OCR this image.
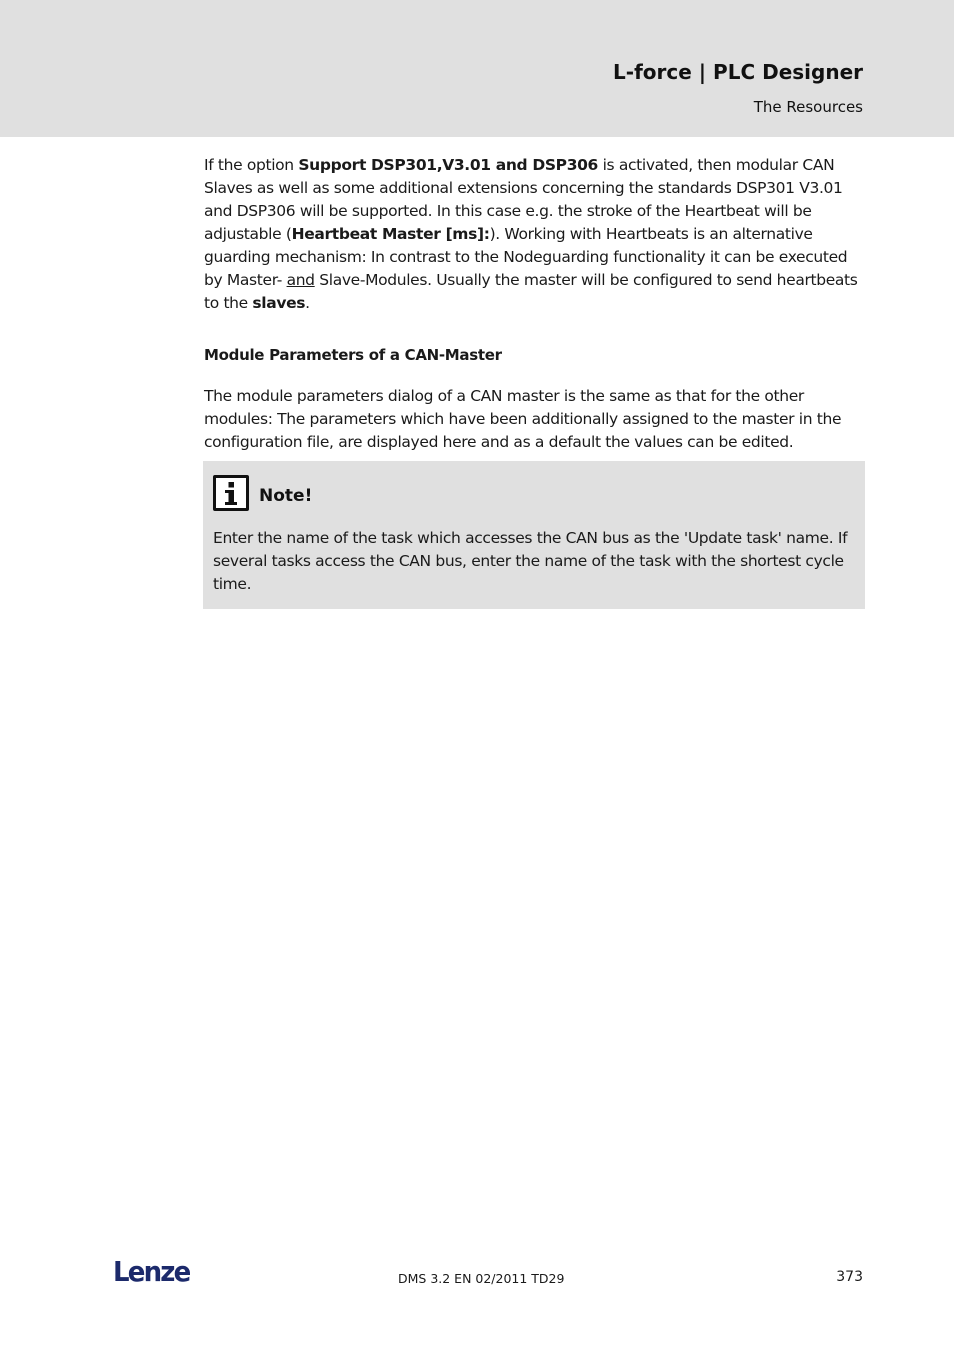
L-force | PLC Designer
The Resources

If the option Support DSP301,V3.01 and DSP306 is activated, then modular CAN Slaves as well as some additional extensions concerning the standards DSP301 V3.01 and DSP306 will be supported. In this case e.g. the stroke of the Heartbeat will be adjustable (Heartbeat Master [ms]:). Working with Heartbeats is an alternative guarding mechanism: In contrast to the Nodeguarding functionality it can be executed by Master- and Slave-Modules. Usually the master will be configured to send heartbeats to the slaves.

Module Parameters of a CAN-Master

The module parameters dialog of a CAN master is the same as that for the other modules: The parameters which have been additionally assigned to the master in the configuration file, are displayed here and as a default the values can be edited.

Note!

Enter the name of the task which accesses the CAN bus as the 'Update task' name. If several tasks access the CAN bus, enter the name of the task with the shortest cycle time.

Lenze	DMS 3.2 EN 02/2011 TD29	373
